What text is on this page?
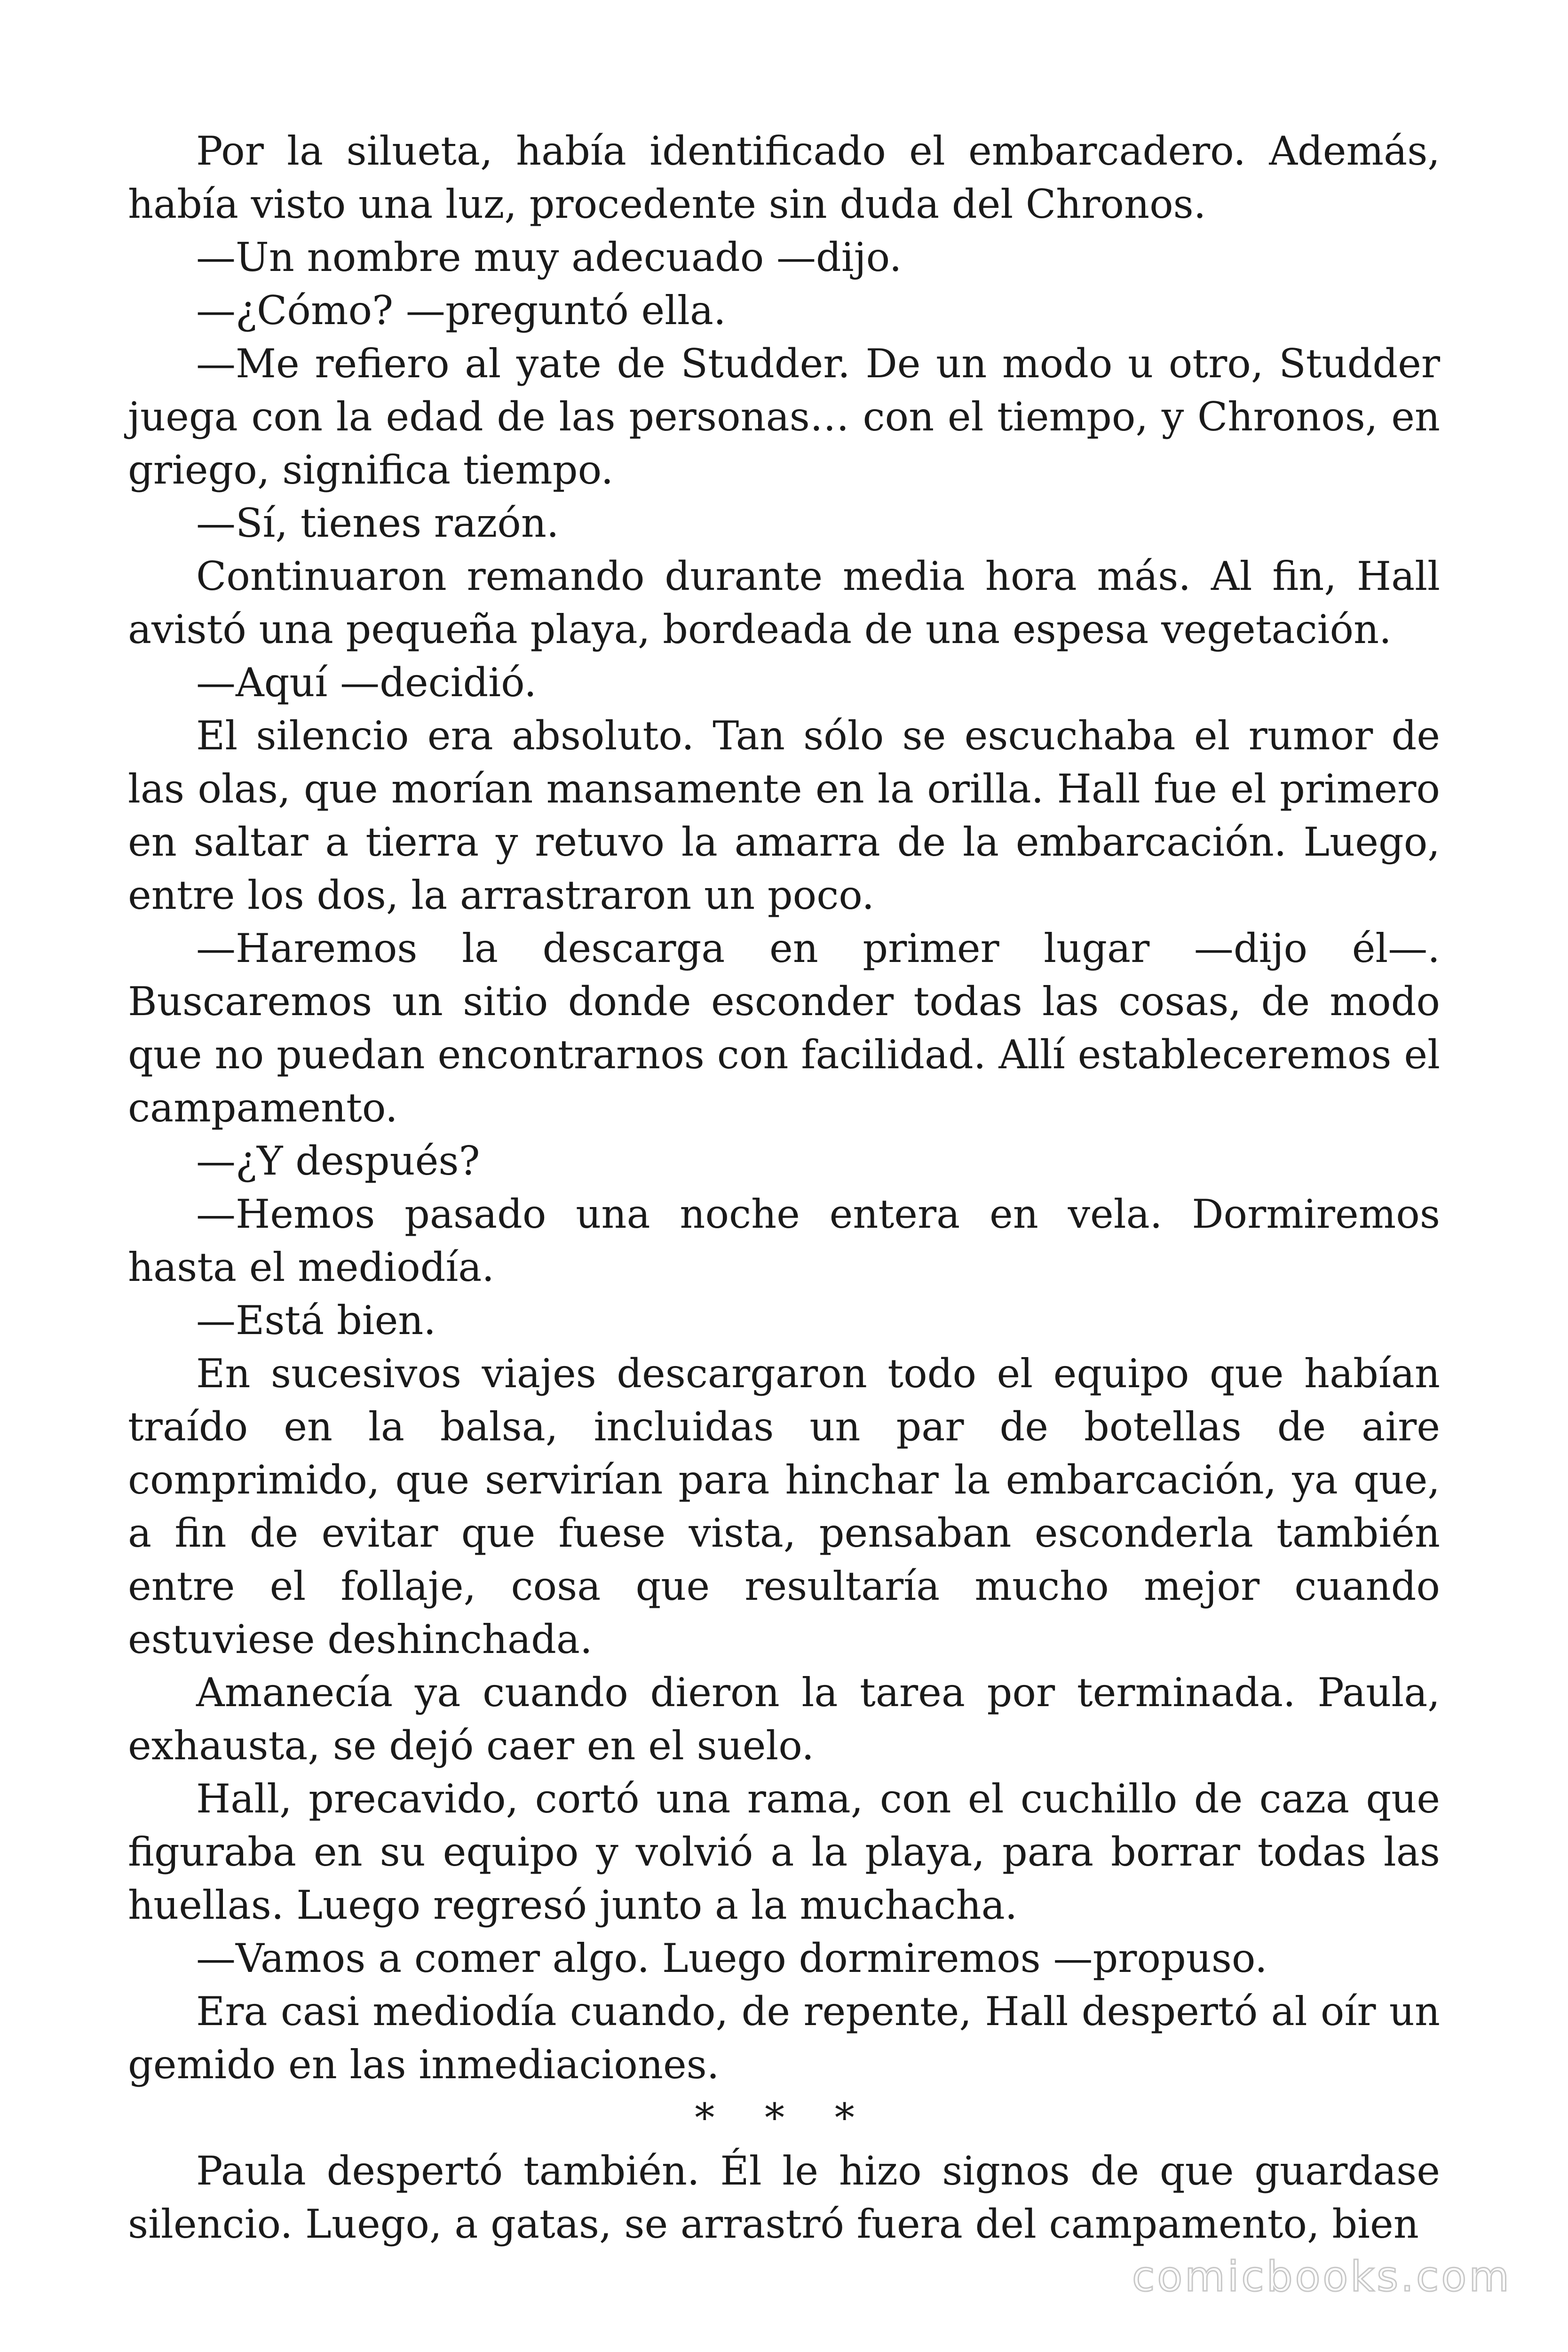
Por la silueta, había identificado el embarcadero. Además, había visto una luz, procedente sin duda del Chronos.

—Un nombre muy adecuado —dijo.

—¿Cómo? —preguntó ella.

—Me refiero al yate de Studder. De un modo u otro, Studder juega con la edad de las personas… con el tiempo, y Chronos, en griego, significa tiempo.

—Sí, tienes razón.

Continuaron remando durante media hora más. Al fin, Hall avistó una pequeña playa, bordeada de una espesa vegetación.

—Aquí —decidió.

El silencio era absoluto. Tan sólo se escuchaba el rumor de las olas, que morían mansamente en la orilla. Hall fue el primero en saltar a tierra y retuvo la amarra de la embarcación. Luego, entre los dos, la arrastraron un poco.

—Haremos la descarga en primer lugar —dijo él—. Buscaremos un sitio donde esconder todas las cosas, de modo que no puedan encontrarnos con facilidad. Allí estableceremos el campamento.

—¿Y después?

—Hemos pasado una noche entera en vela. Dormiremos hasta el mediodía.

—Está bien.

En sucesivos viajes descargaron todo el equipo que habían traído en la balsa, incluidas un par de botellas de aire comprimido, que servirían para hinchar la embarcación, ya que, a fin de evitar que fuese vista, pensaban esconderla también entre el follaje, cosa que resultaría mucho mejor cuando estuviese deshinchada.

Amanecía ya cuando dieron la tarea por terminada. Paula, exhausta, se dejó caer en el suelo.

Hall, precavido, cortó una rama, con el cuchillo de caza que figuraba en su equipo y volvió a la playa, para borrar todas las huellas. Luego regresó junto a la muchacha.

—Vamos a comer algo. Luego dormiremos —propuso.

Era casi mediodía cuando, de repente, Hall despertó al oír un gemido en las inmediaciones.

* * *

Paula despertó también. Él le hizo signos de que guardase silencio. Luego, a gatas, se arrastró fuera del campamento, bien

comicbooks.com
